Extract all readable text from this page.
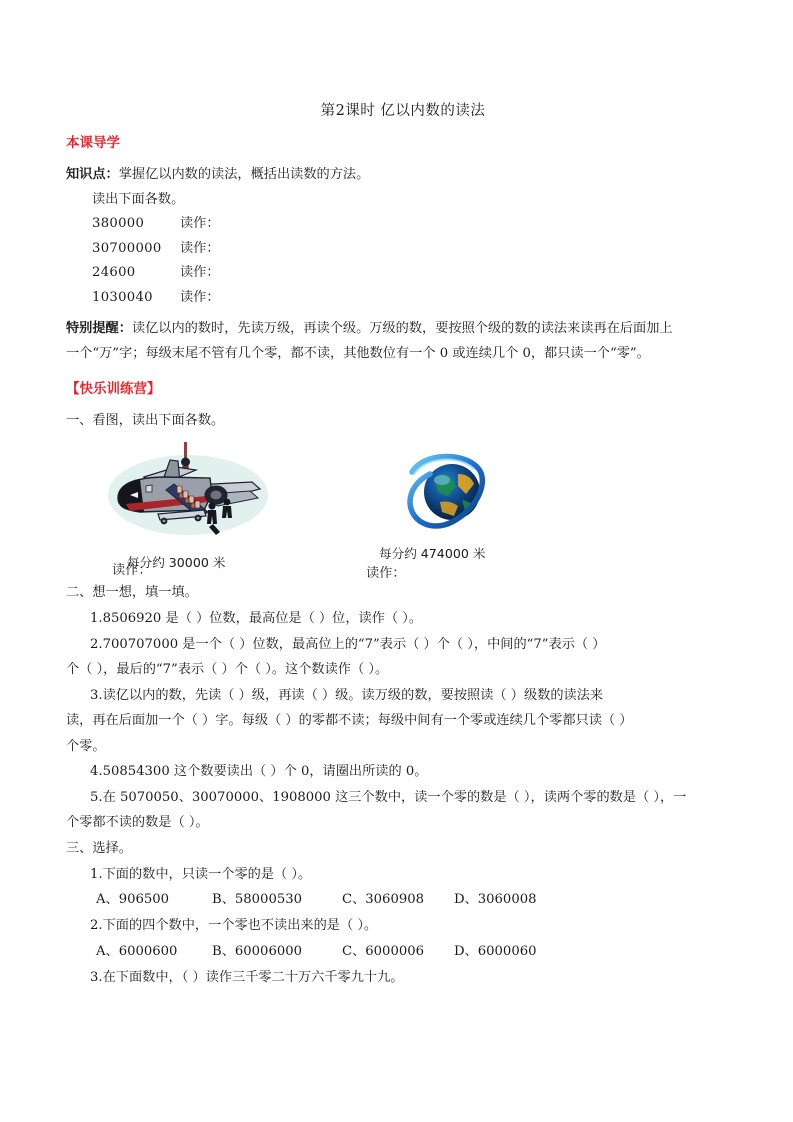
第2课时 亿以内数的读法
本课导学

知识点：掌握亿以内数的读法，概括出读数的方法。

读出下面各数。

380000	读作：
30700000	读作：
24600	读作：
1030040	读作：

特别提醒：读亿以内的数时，先读万级，再读个级。万级的数，要按照个级的数的读法来读再在后面加上

一个“万”字；每级末尾不管有几个零，都不读，其他数位有一个 0 或连续几个 0，都只读一个“零”。

【快乐训练营】

一、看图，读出下面各数。

读作：
每分约 30000 米
每分约 474000 米
读作：

二、想一想，填一填。

1.8506920 是（ ）位数，最高位是（ ）位，读作（ ）。

2.700707000 是一个（ ）位数，最高位上的“7”表示（ ）个（ ），中间的“7”表示（ ）

个（ ），最后的“7”表示（ ）个（ ）。这个数读作（ ）。

3.读亿以内的数，先读（ ）级，再读（ ）级。读万级的数，要按照读（ ）级数的读法来

读，再在后面加一个（ ）字。每级（ ）的零都不读；每级中间有一个零或连续几个零都只读（ ）

个零。

4.50854300 这个数要读出（ ）个 0，请圈出所读的 0。

5.在 5070050、30070000、1908000 这三个数中，读一个零的数是（ ），读两个零的数是（ ），一

个零都不读的数是（ ）。

三、选择。

1.下面的数中，只读一个零的是（ ）。

A、906500	B、58000530	C、3060908	D、3060008

2.下面的四个数中，一个零也不读出来的是（ ）。

A、6000600	B、60006000	C、6000006	D、6000060

3.在下面数中，（ ）读作三千零二十万六千零九十九。
